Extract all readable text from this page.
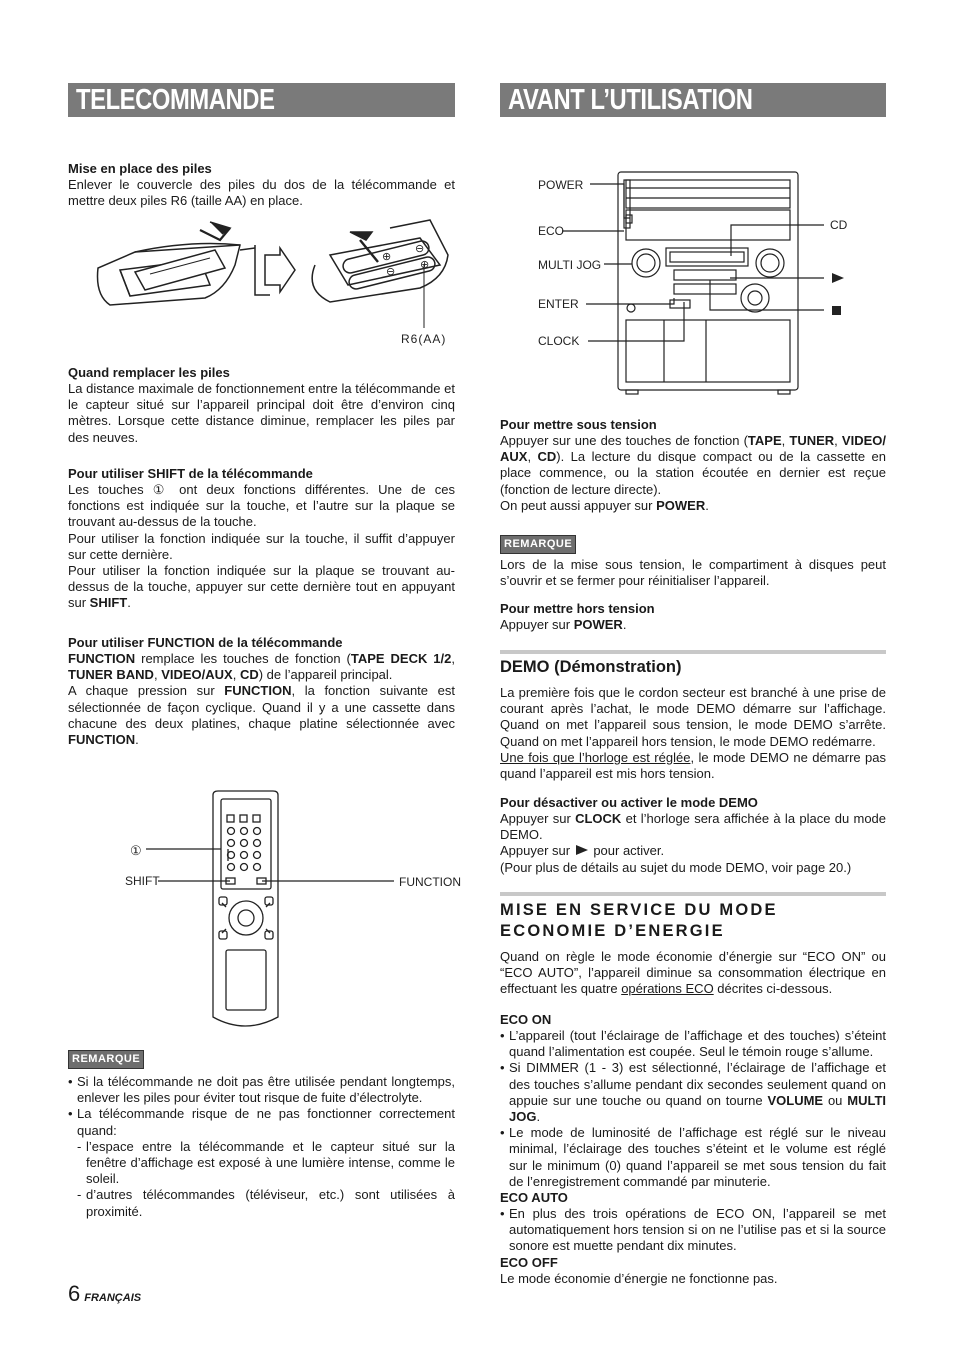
TELECOMMANDE
Mise en place des piles

Enlever le couvercle des piles du dos de la télécommande et mettre deux piles R6 (taille AA) en place.

⊕
⊖
⊖
⊕
R6(AA)
Quand remplacer les piles

La distance maximale de fonctionnement entre la télécommande et le capteur situé sur l’appareil principal doit être d’environ cinq mètres. Lorsque cette distance diminue, remplacer les piles par des neuves.

Pour utiliser SHIFT de la télécommande

Les touches ① ont deux fonctions différentes. Une de ces fonctions est indiquée sur la touche, et l’autre sur la plaque se trouvant au-dessus de la touche.

Pour utiliser la fonction indiquée sur la touche, il suffit d’appuyer sur cette dernière.

Pour utiliser la fonction indiquée sur la plaque se trouvant au-dessus de la touche, appuyer sur cette dernière tout en appuyant sur SHIFT.

Pour utiliser FUNCTION de la télécommande

FUNCTION remplace les touches de fonction (TAPE DECK 1/2, TUNER BAND, VIDEO/AUX, CD) de l’appareil principal.

A chaque pression sur FUNCTION, la fonction suivante est sélectionnée de façon cyclique. Quand il y a une cassette dans chacune des deux platines, chaque platine sélectionnée avec FUNCTION.

①
SHIFT	FUNCTION
REMARQUE
• Si la télécommande ne doit pas être utilisée pendant longtemps, enlever les piles pour éviter tout risque de fuite d’électrolyte.
• La télécommande risque de ne pas fonctionner correctement quand:
- l’espace entre la télécommande et le capteur situé sur la fenêtre d’affichage est exposé à une lumière intense, comme le soleil.
- d’autres télécommandes (téléviseur, etc.) sont utilisées à proximité.
AVANT L’UTILISATION
POWER
ECO
MULTI JOG
ENTER
CLOCK
CD
Pour mettre sous tension

Appuyer sur une des touches de fonction (TAPE, TUNER, VIDEO/ AUX, CD). La lecture du disque compact ou de la cassette en place commence, ou la station écoutée en dernier est reçue (fonction de lecture directe).

On peut aussi appuyer sur POWER.

REMARQUE

Lors de la mise sous tension, le compartiment à disques peut s’ouvrir et se fermer pour réinitialiser l’appareil.

Pour mettre hors tension

Appuyer sur POWER.

DEMO (Démonstration)

La première fois que le cordon secteur est branché à une prise de courant après l’achat, le mode DEMO démarre sur l’affichage. Quand on met l’appareil sous tension, le mode DEMO s’arrête. Quand on met l’appareil hors tension, le mode DEMO redémarre.

Une fois que l’horloge est réglée, le mode DEMO ne démarre pas quand l’appareil est mis hors tension.

Pour désactiver ou activer le mode DEMO

Appuyer sur CLOCK et l’horloge sera affichée à la place du mode DEMO.

Appuyer sur  pour activer.

(Pour plus de détails au sujet du mode DEMO, voir page 20.)

MISE EN SERVICE DU MODE ECONOMIE D’ENERGIE

Quand on règle le mode économie d’énergie sur “ECO ON” ou “ECO AUTO”, l’appareil diminue sa consommation électrique en effectuant les quatre opérations ECO décrites ci-dessous.

ECO ON
• L’appareil (tout l’éclairage de l’affichage et des touches) s’éteint quand l’alimentation est coupée. Seul le témoin rouge s’allume.
• Si DIMMER (1 - 3) est sélectionné, l’éclairage de l’affichage et des touches s’allume pendant dix secondes seulement quand on appuie sur une touche ou quand on tourne VOLUME ou MULTI JOG.
• Le mode de luminosité de l’affichage est réglé sur le niveau minimal, l’éclairage des touches s’éteint et le volume est réglé sur le minimum (0) quand l’appareil se met sous tension du fait de l’enregistrement commandé par minuterie.
ECO AUTO
• En plus des trois opérations de ECO ON, l’appareil se met automatiquement hors tension si on ne l’utilise pas et si la source sonore est muette pendant dix minutes.
ECO OFF

Le mode économie d’énergie ne fonctionne pas.

6 FRANÇAIS
